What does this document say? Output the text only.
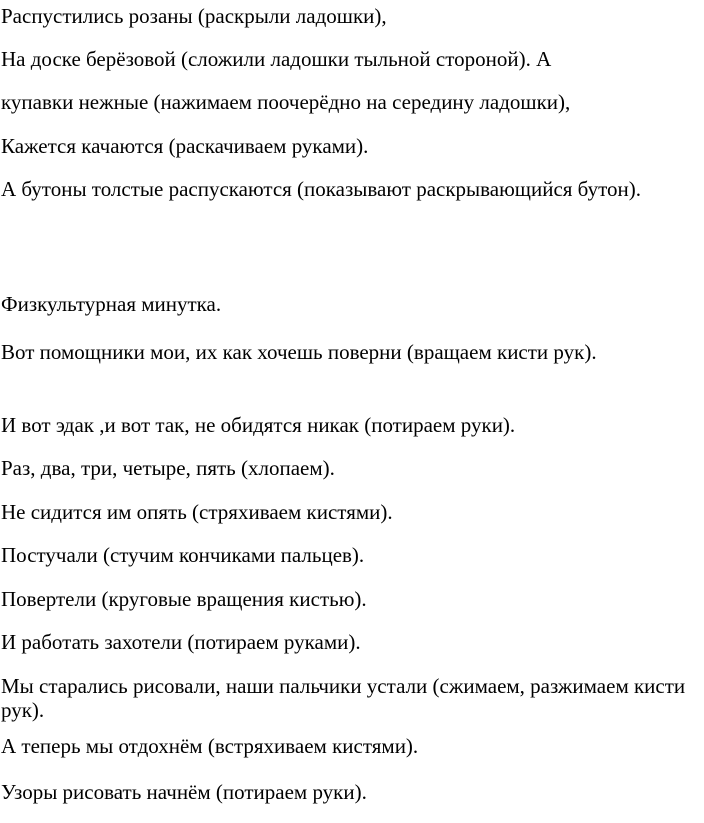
Распустились розаны (раскрыли ладошки),
На доске берёзовой (сложили ладошки тыльной стороной). А
купавки нежные (нажимаем поочерёдно на середину ладошки),
Кажется качаются (раскачиваем руками).
А бутоны толстые распускаются (показывают раскрывающийся бутон).
Физкультурная минутка.
Вот помощники мои, их как хочешь поверни (вращаем кисти рук).
И вот эдак ,и вот так, не обидятся никак (потираем руки).
Раз, два, три, четыре, пять (хлопаем).
Не сидится им опять (стряхиваем кистями).
Постучали (стучим кончиками пальцев).
Повертели (круговые вращения кистью).
И работать захотели (потираем руками).
Мы старались рисовали, наши пальчики устали (сжимаем, разжимаем кисти рук).
А теперь мы отдохнём (встряхиваем кистями).
Узоры рисовать начнём (потираем руки).
